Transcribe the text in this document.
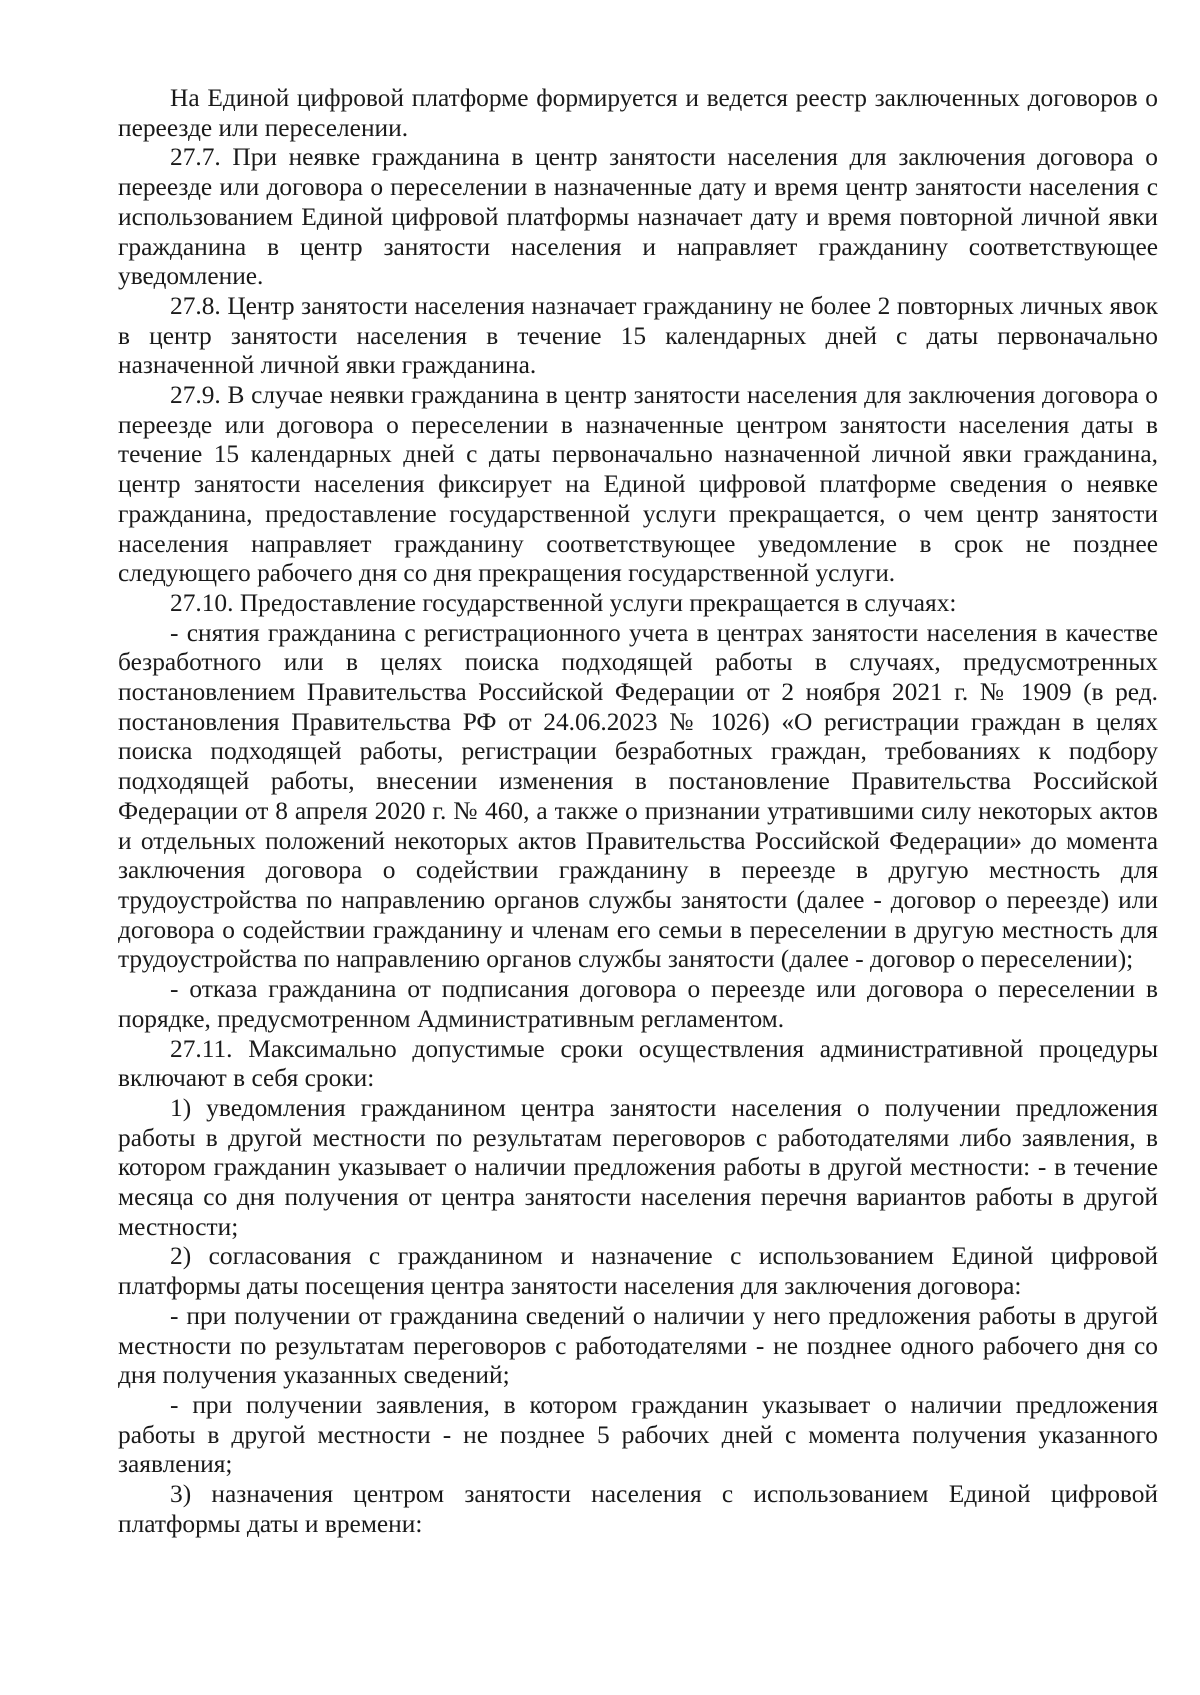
На Единой цифровой платформе формируется и ведется реестр заключенных договоров о переезде или переселении.

27.7. При неявке гражданина в центр занятости населения для заключения договора о переезде или договора о переселении в назначенные дату и время центр занятости населения с использованием Единой цифровой платформы назначает дату и время повторной личной явки гражданина в центр занятости населения и направляет гражданину соответствующее уведомление.

27.8. Центр занятости населения назначает гражданину не более 2 повторных личных явок в центр занятости населения в течение 15 календарных дней с даты первоначально назначенной личной явки гражданина.

27.9. В случае неявки гражданина в центр занятости населения для заключения договора о переезде или договора о переселении в назначенные центром занятости населения даты в течение 15 календарных дней с даты первоначально назначенной личной явки гражданина, центр занятости населения фиксирует на Единой цифровой платформе сведения о неявке гражданина, предоставление государственной услуги прекращается, о чем центр занятости населения направляет гражданину соответствующее уведомление в срок не позднее следующего рабочего дня со дня прекращения государственной услуги.

27.10. Предоставление государственной услуги прекращается в случаях:

- снятия гражданина с регистрационного учета в центрах занятости населения в качестве безработного или в целях поиска подходящей работы в случаях, предусмотренных постановлением Правительства Российской Федерации от 2 ноября 2021 г. № 1909 (в ред. постановления Правительства РФ от 24.06.2023 № 1026) «О регистрации граждан в целях поиска подходящей работы, регистрации безработных граждан, требованиях к подбору подходящей работы, внесении изменения в постановление Правительства Российской Федерации от 8 апреля 2020 г. № 460, а также о признании утратившими силу некоторых актов и отдельных положений некоторых актов Правительства Российской Федерации» до момента заключения договора о содействии гражданину в переезде в другую местность для трудоустройства по направлению органов службы занятости (далее - договор о переезде) или договора о содействии гражданину и членам его семьи в переселении в другую местность для трудоустройства по направлению органов службы занятости (далее - договор о переселении);

- отказа гражданина от подписания договора о переезде или договора о переселении в порядке, предусмотренном Административным регламентом.

27.11. Максимально допустимые сроки осуществления административной процедуры включают в себя сроки:

1) уведомления гражданином центра занятости населения о получении предложения работы в другой местности по результатам переговоров с работодателями либо заявления, в котором гражданин указывает о наличии предложения работы в другой местности: - в течение месяца со дня получения от центра занятости населения перечня вариантов работы в другой местности;

2) согласования с гражданином и назначение с использованием Единой цифровой платформы даты посещения центра занятости населения для заключения договора:

- при получении от гражданина сведений о наличии у него предложения работы в другой местности по результатам переговоров с работодателями - не позднее одного рабочего дня со дня получения указанных сведений;

- при получении заявления, в котором гражданин указывает о наличии предложения работы в другой местности - не позднее 5 рабочих дней с момента получения указанного заявления;

3) назначения центром занятости населения с использованием Единой цифровой платформы даты и времени:
